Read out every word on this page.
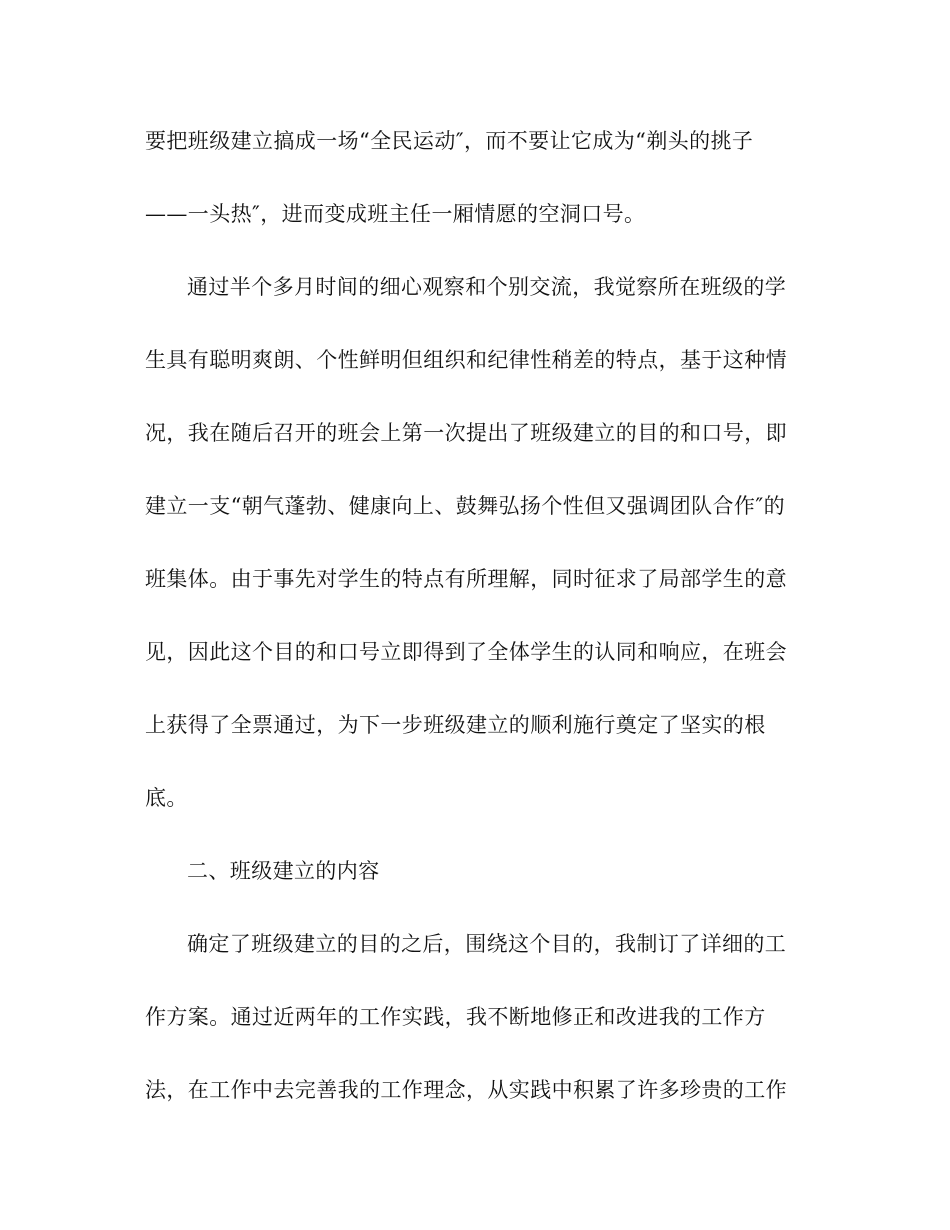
要把班级建立搞成一场“全民运动″，而不要让它成为“剃头的挑子
——一头热″，进而变成班主任一厢情愿的空洞口号。
通过半个多月时间的细心观察和个别交流，我觉察所在班级的学
生具有聪明爽朗、个性鲜明但组织和纪律性稍差的特点，基于这种情
况，我在随后召开的班会上第一次提出了班级建立的目的和口号，即
建立一支“朝气蓬勃、健康向上、鼓舞弘扬个性但又强调团队合作″的
班集体。由于事先对学生的特点有所理解，同时征求了局部学生的意
见，因此这个目的和口号立即得到了全体学生的认同和响应，在班会
上获得了全票通过，为下一步班级建立的顺利施行奠定了坚实的根
底。
二、班级建立的内容
确定了班级建立的目的之后，围绕这个目的，我制订了详细的工
作方案。通过近两年的工作实践，我不断地修正和改进我的工作方
法，在工作中去完善我的工作理念，从实践中积累了许多珍贵的工作
